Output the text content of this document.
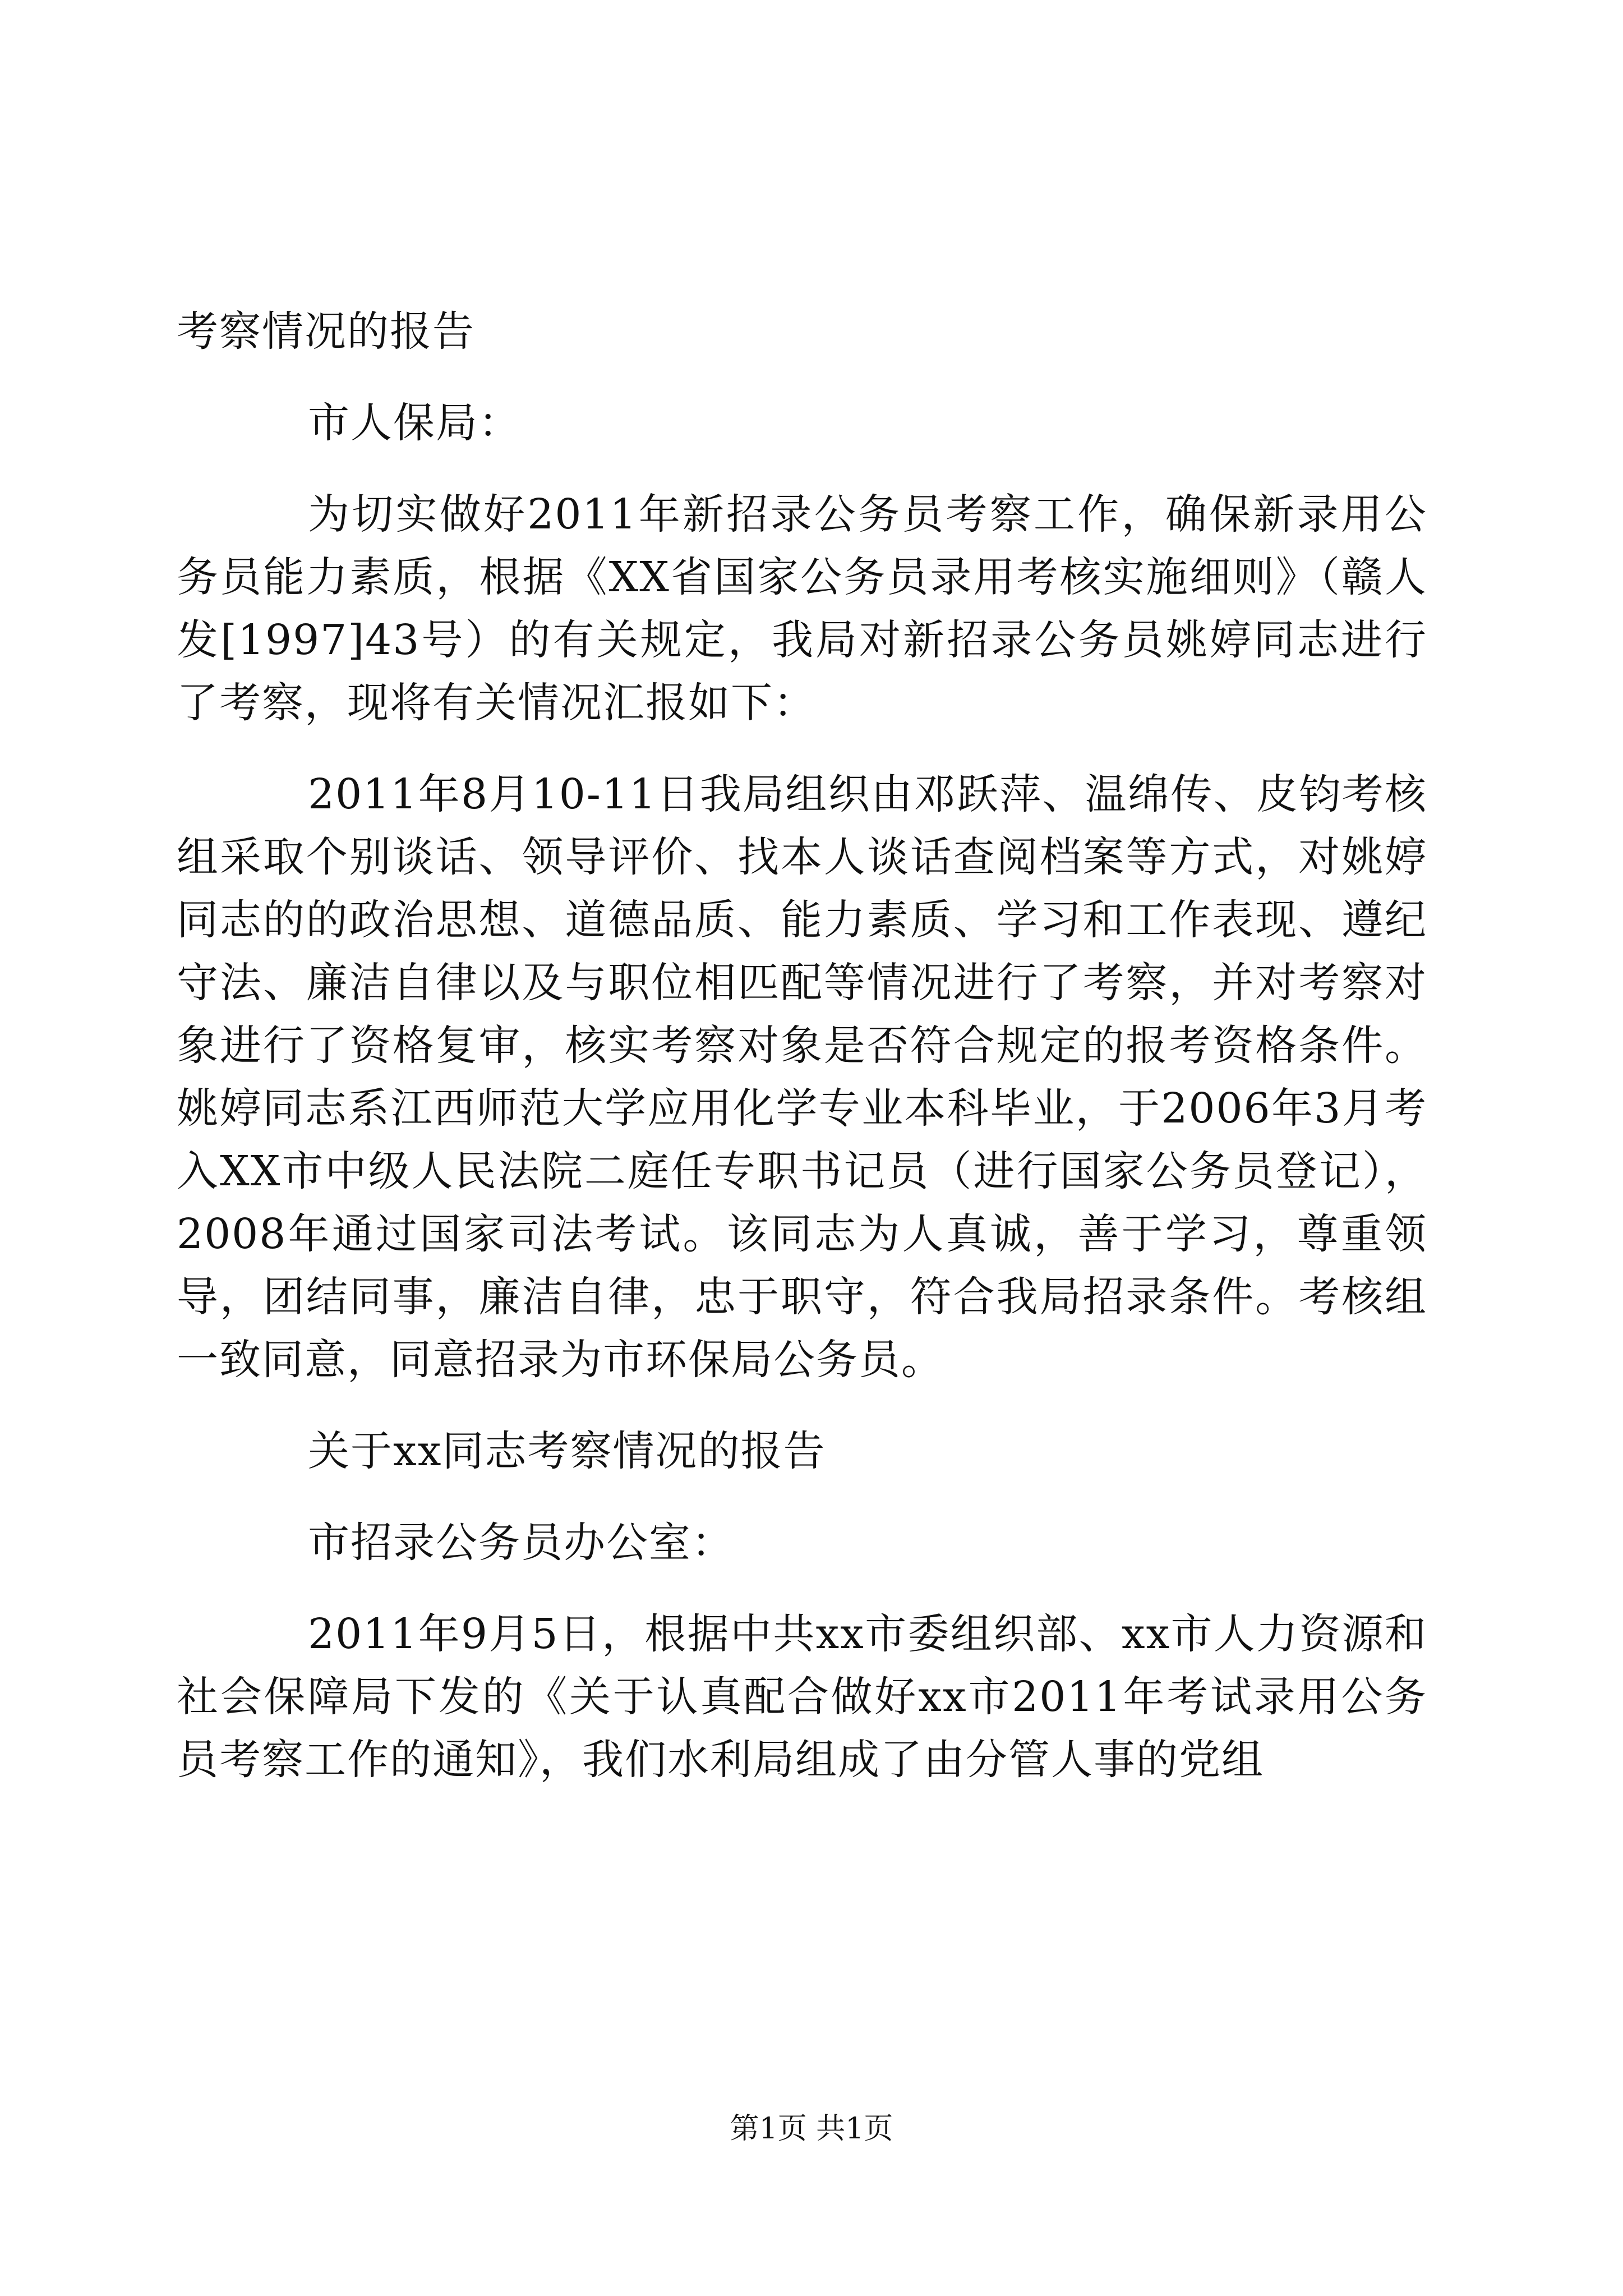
考察情况的报告

市人保局：

为切实做好2011年新招录公务员考察工作，确保新录用公务员能力素质，根据《XX省国家公务员录用考核实施细则》（赣人发[1997]43号）的有关规定，我局对新招录公务员姚婷同志进行了考察，现将有关情况汇报如下：

2011年8月10-11日我局组织由邓跃萍、温绵传、皮钧考核组采取个别谈话、领导评价、找本人谈话查阅档案等方式，对姚婷同志的的政治思想、道德品质、能力素质、学习和工作表现、遵纪守法、廉洁自律以及与职位相匹配等情况进行了考察，并对考察对象进行了资格复审，核实考察对象是否符合规定的报考资格条件。姚婷同志系江西师范大学应用化学专业本科毕业，于2006年3月考入XX市中级人民法院二庭任专职书记员（进行国家公务员登记），2008年通过国家司法考试。该同志为人真诚，善于学习，尊重领导，团结同事，廉洁自律，忠于职守，符合我局招录条件。考核组一致同意，同意招录为市环保局公务员。

关于xx同志考察情况的报告

市招录公务员办公室：

2011年9月5日，根据中共xx市委组织部、xx市人力资源和社会保障局下发的《关于认真配合做好xx市2011年考试录用公务员考察工作的通知》，我们水利局组成了由分管人事的党组

第1页 共1页
